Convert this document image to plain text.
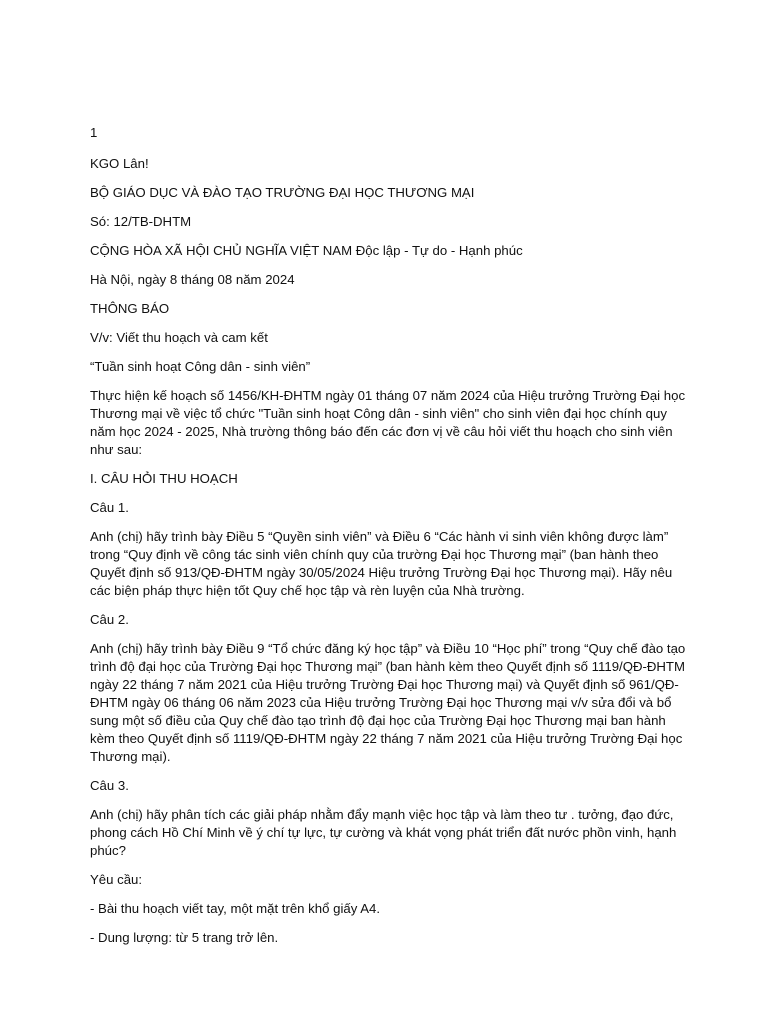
1

KGO Lân!

BỘ GIÁO DỤC VÀ ĐÀO TẠO TRƯỜNG ĐẠI HỌC THƯƠNG MẠI

Só: 12/TB-DHTM

CỘNG HÒA XÃ HỘI CHỦ NGHĨA VIỆT NAM Độc lập - Tự do - Hạnh phúc

Hà Nội, ngày 8 tháng 08 năm 2024

THÔNG BÁO

V/v: Viết thu hoạch và cam kết

“Tuần sinh hoạt Công dân - sinh viên”

Thực hiện kế hoạch số 1456/KH-ĐHTM ngày 01 tháng 07 năm 2024 của Hiệu trưởng Trường Đại học Thương mại về việc tổ chức "Tuần sinh hoạt Công dân - sinh viên" cho sinh viên đại học chính quy năm học 2024 - 2025, Nhà trường thông báo đến các đơn vị về câu hỏi viết thu hoạch cho sinh viên như sau:

I. CÂU HỎI THU HOẠCH

Câu 1.

Anh (chị) hãy trình bày Điều 5 “Quyền sinh viên” và Điều 6 “Các hành vi sinh viên không được làm” trong “Quy định về công tác sinh viên chính quy của trường Đại học Thương mại” (ban hành theo Quyết định số 913/QĐ-ĐHTM ngày 30/05/2024 Hiệu trưởng Trường Đại học Thương mại). Hãy nêu các biện pháp thực hiện tốt Quy chế học tập và rèn luyện của Nhà trường.

Câu 2.

Anh (chị) hãy trình bày Điều 9 “Tổ chức đăng ký học tập” và Điều 10 “Học phí” trong “Quy chế đào tạo trình độ đại học của Trường Đại học Thương mại” (ban hành kèm theo Quyết định số 1119/QĐ-ĐHTM ngày 22 tháng 7 năm 2021 của Hiệu trưởng Trường Đại học Thương mại) và Quyết định số 961/QĐ-ĐHTM ngày 06 tháng 06 năm 2023 của Hiệu trưởng Trường Đại học Thương mại v/v sửa đổi và bổ sung một số điều của Quy chế đào tạo trình độ đại học của Trường Đại học Thương mại ban hành kèm theo Quyết định số 1119/QĐ-ĐHTM ngày 22 tháng 7 năm 2021 của Hiệu trưởng Trường Đại học Thương mại).

Câu 3.

Anh (chị) hãy phân tích các giải pháp nhằm đẩy mạnh việc học tập và làm theo tư . tưởng, đạo đức, phong cách Hồ Chí Minh về ý chí tự lực, tự cường và khát vọng phát triển đất nước phồn vinh, hạnh phúc?

Yêu cầu:

- Bài thu hoạch viết tay, một mặt trên khổ giấy A4.

- Dung lượng: từ 5 trang trở lên.
